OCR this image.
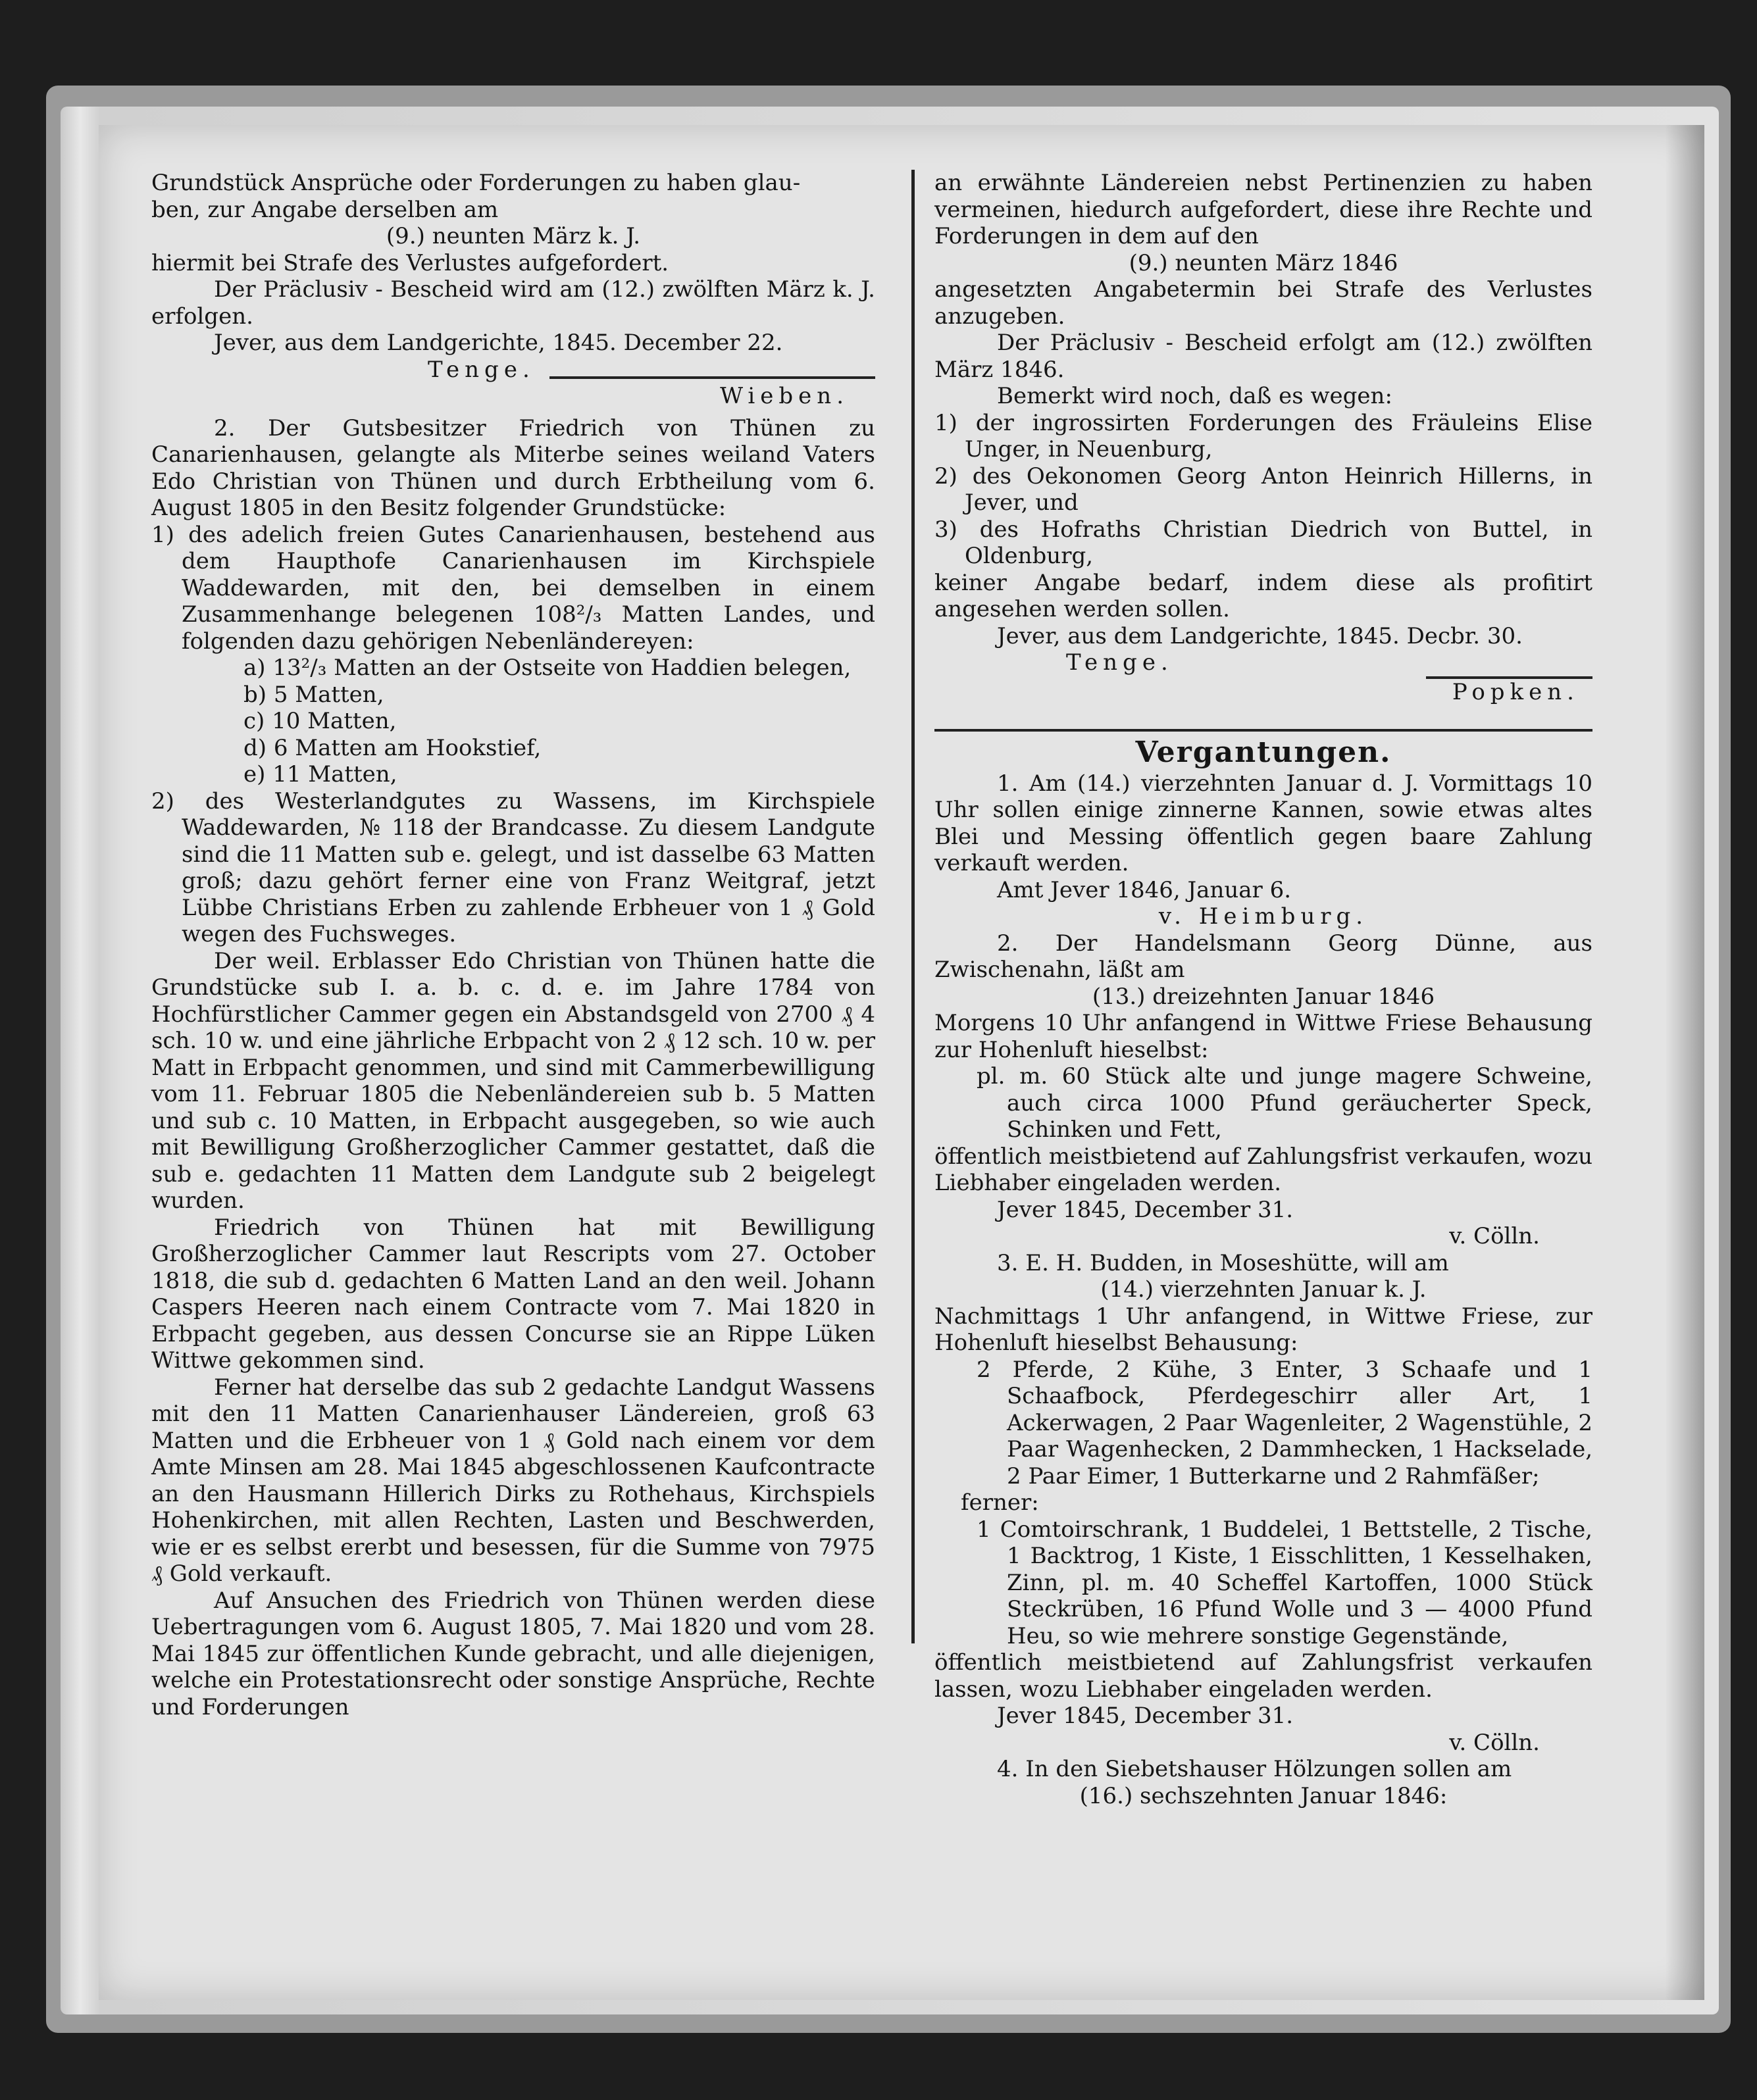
Grundstück Ansprüche oder Forderungen zu haben glau-

ben, zur Angabe derselben am

(9.) neunten März k. J.

hiermit bei Strafe des Verlustes aufgefordert.

Der Präclusiv - Bescheid wird am (12.) zwölften März k. J. erfolgen.

Jever, aus dem Landgerichte, 1845. December 22.

Tenge.

Wieben.

2. Der Gutsbesitzer Friedrich von Thünen zu Canarienhausen, gelangte als Miterbe seines weiland Vaters Edo Christian von Thünen und durch Erbtheilung vom 6. August 1805 in den Besitz folgender Grundstücke:

1) des adelich freien Gutes Canarienhausen, bestehend aus dem Haupthofe Canarienhausen im Kirchspiele Waddewarden, mit den, bei demselben in einem Zusammenhange belegenen 108²/₃ Matten Landes, und folgenden dazu gehörigen Nebenländereyen:

a) 13²/₃ Matten an der Ostseite von Haddien belegen,

b) 5 Matten,

c) 10 Matten,

d) 6 Matten am Hookstief,

e) 11 Matten,

2) des Westerlandgutes zu Wassens, im Kirchspiele Waddewarden, № 118 der Brandcasse. Zu diesem Landgute sind die 11 Matten sub e. gelegt, und ist dasselbe 63 Matten groß; dazu gehört ferner eine von Franz Weitgraf, jetzt Lübbe Christians Erben zu zahlende Erbheuer von 1 ₰ Gold wegen des Fuchsweges.

Der weil. Erblasser Edo Christian von Thünen hatte die Grundstücke sub I. a. b. c. d. e. im Jahre 1784 von Hochfürstlicher Cammer gegen ein Abstandsgeld von 2700 ₰ 4 sch. 10 w. und eine jährliche Erbpacht von 2 ₰ 12 sch. 10 w. per Matt in Erbpacht genommen, und sind mit Cammerbewilligung vom 11. Februar 1805 die Nebenländereien sub b. 5 Matten und sub c. 10 Matten, in Erbpacht ausgegeben, so wie auch mit Bewilligung Großherzoglicher Cammer gestattet, daß die sub e. gedachten 11 Matten dem Landgute sub 2 beigelegt wurden.

Friedrich von Thünen hat mit Bewilligung Großherzoglicher Cammer laut Rescripts vom 27. October 1818, die sub d. gedachten 6 Matten Land an den weil. Johann Caspers Heeren nach einem Contracte vom 7. Mai 1820 in Erbpacht gegeben, aus dessen Concurse sie an Rippe Lüken Wittwe gekommen sind.

Ferner hat derselbe das sub 2 gedachte Landgut Wassens mit den 11 Matten Canarienhauser Ländereien, groß 63 Matten und die Erbheuer von 1 ₰ Gold nach einem vor dem Amte Minsen am 28. Mai 1845 abgeschlossenen Kaufcontracte an den Hausmann Hillerich Dirks zu Rothehaus, Kirchspiels Hohenkirchen, mit allen Rechten, Lasten und Beschwerden, wie er es selbst ererbt und besessen, für die Summe von 7975 ₰ Gold verkauft.

Auf Ansuchen des Friedrich von Thünen werden diese Uebertragungen vom 6. August 1805, 7. Mai 1820 und vom 28. Mai 1845 zur öffentlichen Kunde gebracht, und alle diejenigen, welche ein Protestationsrecht oder sonstige Ansprüche, Rechte und Forderungen

an erwähnte Ländereien nebst Pertinenzien zu haben vermeinen, hiedurch aufgefordert, diese ihre Rechte und Forderungen in dem auf den

(9.) neunten März 1846

angesetzten Angabetermin bei Strafe des Verlustes anzugeben.

Der Präclusiv - Bescheid erfolgt am (12.) zwölften März 1846.

Bemerkt wird noch, daß es wegen:

1) der ingrossirten Forderungen des Fräuleins Elise Unger, in Neuenburg,

2) des Oekonomen Georg Anton Heinrich Hillerns, in Jever, und

3) des Hofraths Christian Diedrich von Buttel, in Oldenburg,

keiner Angabe bedarf, indem diese als profitirt angesehen werden sollen.

Jever, aus dem Landgerichte, 1845. Decbr. 30.

Tenge.

Popken.

Vergantungen.

1. Am (14.) vierzehnten Januar d. J. Vormittags 10 Uhr sollen einige zinnerne Kannen, sowie etwas altes Blei und Messing öffentlich gegen baare Zahlung verkauft werden.

Amt Jever 1846, Januar 6.

v. Heimburg.

2. Der Handelsmann Georg Dünne, aus Zwischenahn, läßt am

(13.) dreizehnten Januar 1846

Morgens 10 Uhr anfangend in Wittwe Friese Behausung zur Hohenluft hieselbst:

pl. m. 60 Stück alte und junge magere Schweine, auch circa 1000 Pfund geräucherter Speck, Schinken und Fett,

öffentlich meistbietend auf Zahlungsfrist verkaufen, wozu Liebhaber eingeladen werden.

Jever 1845, December 31.

v. Cölln.

3. E. H. Budden, in Moseshütte, will am

(14.) vierzehnten Januar k. J.

Nachmittags 1 Uhr anfangend, in Wittwe Friese, zur Hohenluft hieselbst Behausung:

2 Pferde, 2 Kühe, 3 Enter, 3 Schaafe und 1 Schaafbock, Pferdegeschirr aller Art, 1 Ackerwagen, 2 Paar Wagenleiter, 2 Wagenstühle, 2 Paar Wagenhecken, 2 Dammhecken, 1 Hackselade, 2 Paar Eimer, 1 Butterkarne und 2 Rahmfäßer;

ferner:

1 Comtoirschrank, 1 Buddelei, 1 Bettstelle, 2 Tische, 1 Backtrog, 1 Kiste, 1 Eisschlitten, 1 Kesselhaken, Zinn, pl. m. 40 Scheffel Kartoffen, 1000 Stück Steckrüben, 16 Pfund Wolle und 3 — 4000 Pfund Heu, so wie mehrere sonstige Gegenstände,

öffentlich meistbietend auf Zahlungsfrist verkaufen lassen, wozu Liebhaber eingeladen werden.

Jever 1845, December 31.

v. Cölln.

4. In den Siebetshauser Hölzungen sollen am

(16.) sechszehnten Januar 1846:
